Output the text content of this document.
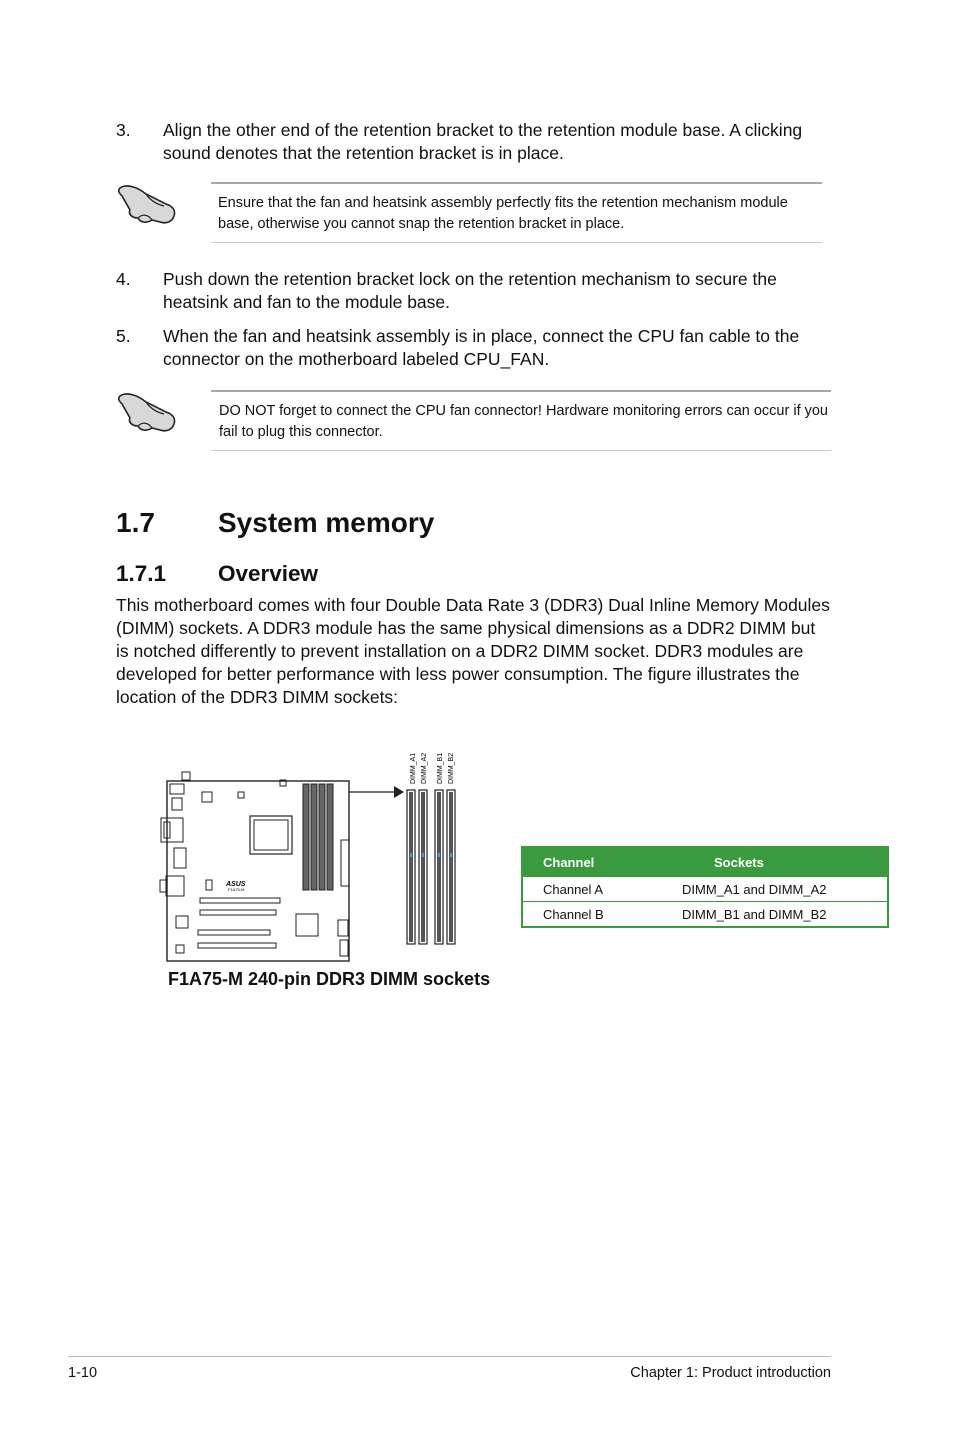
3. Align the other end of the retention bracket to the retention module base. A clicking sound denotes that the retention bracket is in place.
Ensure that the fan and heatsink assembly perfectly fits the retention mechanism module base, otherwise you cannot snap the retention bracket in place.
4. Push down the retention bracket lock on the retention mechanism to secure the heatsink and fan to the module base.
5. When the fan and heatsink assembly is in place, connect the CPU fan cable to the connector on the motherboard labeled CPU_FAN.
DO NOT forget to connect the CPU fan connector! Hardware monitoring errors can occur if you fail to plug this connector.
1.7 System memory
1.7.1 Overview
This motherboard comes with four Double Data Rate 3 (DDR3) Dual Inline Memory Modules (DIMM) sockets. A DDR3 module has the same physical dimensions as a DDR2 DIMM but is notched differently to prevent installation on a DDR2 DIMM socket. DDR3 modules are developed for better performance with less power consumption. The figure illustrates the location of the DDR3 DIMM sockets:
ASUS
F1A75-M
DIMM_A1 DIMM_A2 DIMM_B1 DIMM_B2
F1A75-M 240-pin DDR3 DIMM sockets
Channel	Sockets
Channel A	DIMM_A1 and DIMM_A2
Channel B	DIMM_B1 and DIMM_B2
1-10	Chapter 1: Product introduction
